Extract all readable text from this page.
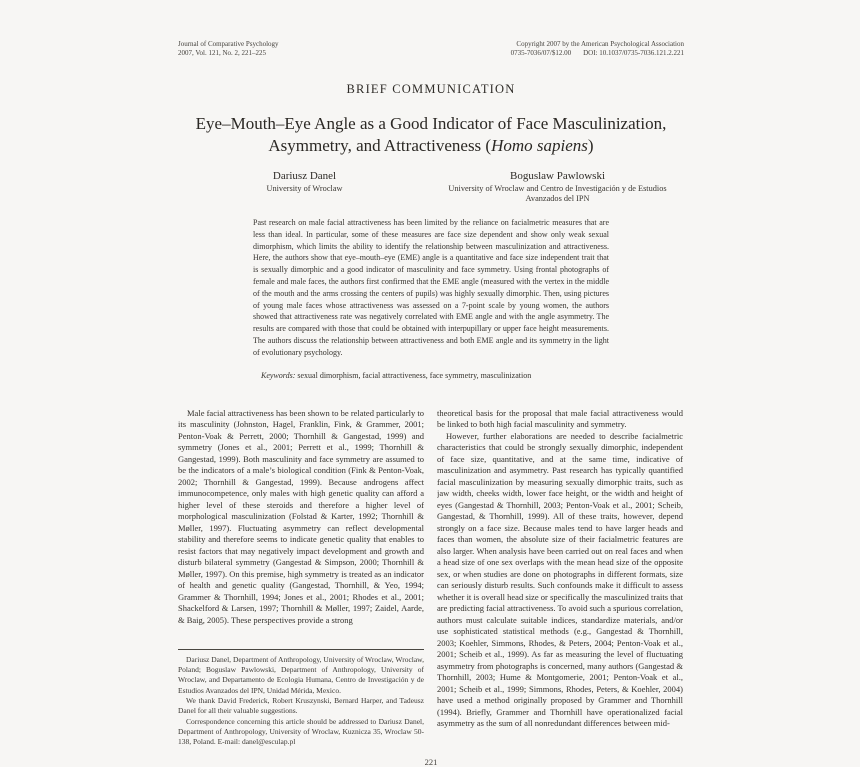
Journal of Comparative Psychology
2007, Vol. 121, No. 2, 221–225
Copyright 2007 by the American Psychological Association
0735-7036/07/$12.00 DOI: 10.1037/0735-7036.121.2.221
BRIEF COMMUNICATION
Eye–Mouth–Eye Angle as a Good Indicator of Face Masculinization,
Asymmetry, and Attractiveness (Homo sapiens)
Dariusz Danel
University of Wroclaw
Boguslaw Pawlowski
University of Wroclaw and Centro de Investigación y de Estudios Avanzados del IPN
Past research on male facial attractiveness has been limited by the reliance on facialmetric measures that are less than ideal. In particular, some of these measures are face size dependent and show only weak sexual dimorphism, which limits the ability to identify the relationship between masculinization and attractiveness. Here, the authors show that eye–mouth–eye (EME) angle is a quantitative and face size independent trait that is sexually dimorphic and a good indicator of masculinity and face symmetry. Using frontal photographs of female and male faces, the authors first confirmed that the EME angle (measured with the vertex in the middle of the mouth and the arms crossing the centers of pupils) was highly sexually dimorphic. Then, using pictures of young male faces whose attractiveness was assessed on a 7-point scale by young women, the authors showed that attractiveness rate was negatively correlated with EME angle and with the angle asymmetry. The results are compared with those that could be obtained with interpupillary or upper face height measurements. The authors discuss the relationship between attractiveness and both EME angle and its symmetry in the light of evolutionary psychology.
Keywords: sexual dimorphism, facial attractiveness, face symmetry, masculinization

Male facial attractiveness has been shown to be related particularly to its masculinity (Johnston, Hagel, Franklin, Fink, & Grammer, 2001; Penton-Voak & Perrett, 2000; Thornhill & Gangestad, 1999) and symmetry (Jones et al., 2001; Perrett et al., 1999; Thornhill & Gangestad, 1999). Both masculinity and face symmetry are assumed to be the indicators of a male’s biological condition (Fink & Penton-Voak, 2002; Thornhill & Gangestad, 1999). Because androgens affect immunocompetence, only males with high genetic quality can afford a higher level of these steroids and therefore a higher level of morphological masculinization (Folstad & Karter, 1992; Thornhill & Møller, 1997). Fluctuating asymmetry can reflect developmental stability and therefore seems to indicate genetic quality that enables to resist factors that may negatively impact development and growth and disturb bilateral symmetry (Gangestad & Simpson, 2000; Thornhill & Møller, 1997). On this premise, high symmetry is treated as an indicator of health and genetic quality (Gangestad, Thornhill, & Yeo, 1994; Grammer & Thornhill, 1994; Jones et al., 2001; Rhodes et al., 2001; Shackelford & Larsen, 1997; Thornhill & Møller, 1997; Zaidel, Aarde, & Baig, 2005). These perspectives provide a strong

Dariusz Danel, Department of Anthropology, University of Wroclaw, Wroclaw, Poland; Boguslaw Pawlowski, Department of Anthropology, University of Wroclaw, and Departamento de Ecologia Humana, Centro de Investigación y de Estudios Avanzados del IPN, Unidad Mérida, Mexico.

We thank David Frederick, Robert Kruszynski, Bernard Harper, and Tadeusz Danel for all their valuable suggestions.

Correspondence concerning this article should be addressed to Dariusz Danel, Department of Anthropology, University of Wroclaw, Kuznicza 35, Wroclaw 50-138, Poland. E-mail: danel@esculap.pl

theoretical basis for the proposal that male facial attractiveness would be linked to both high facial masculinity and symmetry.

However, further elaborations are needed to describe facialmetric characteristics that could be strongly sexually dimorphic, independent of face size, quantitative, and at the same time, indicative of masculinization and asymmetry. Past research has typically quantified facial masculinization by measuring sexually dimorphic traits, such as jaw width, cheeks width, lower face height, or the width and height of eyes (Gangestad & Thornhill, 2003; Penton-Voak et al., 2001; Scheib, Gangestad, & Thornhill, 1999). All of these traits, however, depend strongly on a face size. Because males tend to have larger heads and faces than women, the absolute size of their facialmetric features are also larger. When analysis have been carried out on real faces and when a head size of one sex overlaps with the mean head size of the opposite sex, or when studies are done on photographs in different formats, size can seriously disturb results. Such confounds make it difficult to assess whether it is overall head size or specifically the masculinized traits that are predicting facial attractiveness. To avoid such a spurious correlation, authors must calculate suitable indices, standardize materials, and/or use sophisticated statistical methods (e.g., Gangestad & Thornhill, 2003; Koehler, Simmons, Rhodes, & Peters, 2004; Penton-Voak et al., 2001; Scheib et al., 1999). As far as measuring the level of fluctuating asymmetry from photographs is concerned, many authors (Gangestad & Thornhill, 2003; Hume & Montgomerie, 2001; Penton-Voak et al., 2001; Scheib et al., 1999; Simmons, Rhodes, Peters, & Koehler, 2004) have used a method originally proposed by Grammer and Thornhill (1994). Briefly, Grammer and Thornhill have operationalized facial asymmetry as the sum of all nonredundant differences between mid-

221
